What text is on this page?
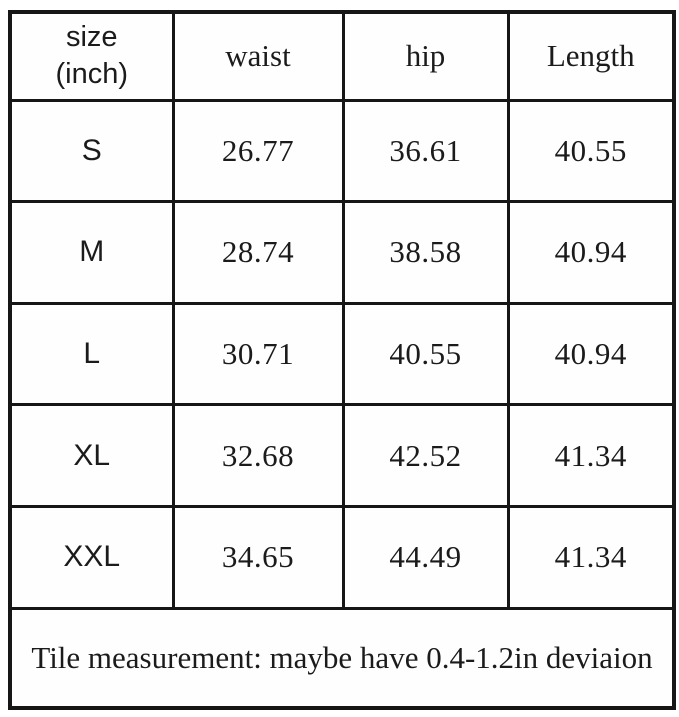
size
(inch)	waist	hip	Length
S	26.77	36.61	40.55
M	28.74	38.58	40.94
L	30.71	40.55	40.94
XL	32.68	42.52	41.34
XXL	34.65	44.49	41.34
Tile measurement: maybe have 0.4-1.2in deviaion			
